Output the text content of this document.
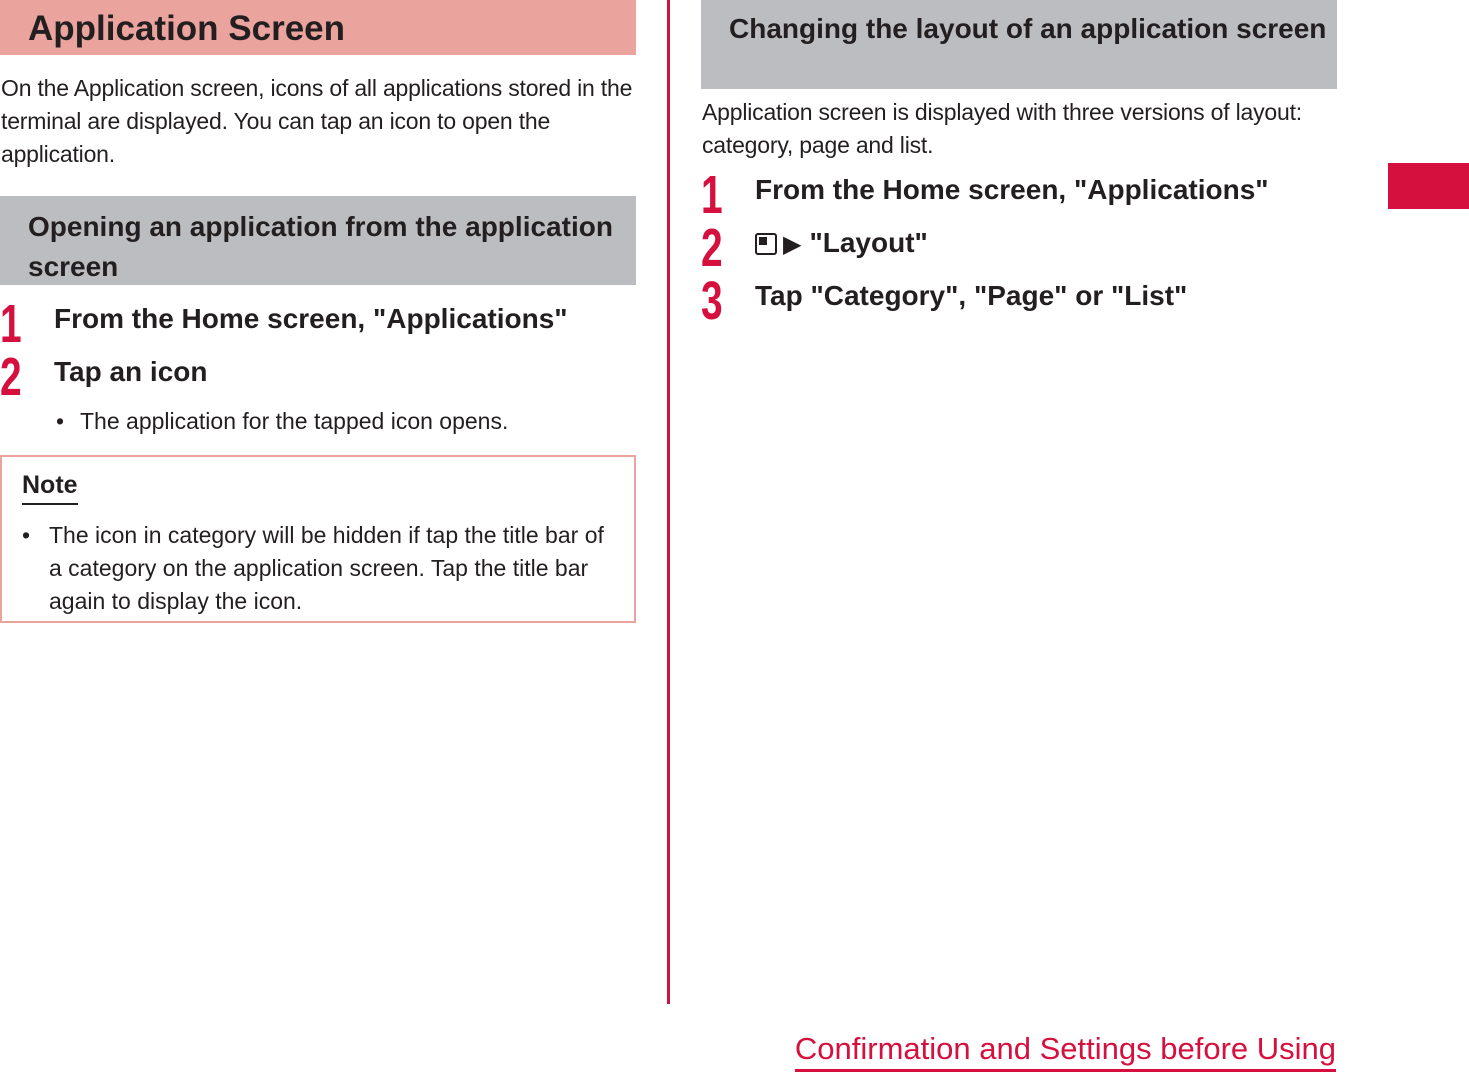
Application Screen
On the Application screen, icons of all applications stored in the terminal are displayed. You can tap an icon to open the application.
Opening an application from the application screen
1	From the Home screen, "Applications"
2	Tap an icon
• The application for the tapped icon opens.
Note
• The icon in category will be hidden if tap the title bar of a category on the application screen. Tap the title bar again to display the icon.
Changing the layout of an application screen
Application screen is displayed with three versions of layout: category, page and list.
1	From the Home screen, "Applications"
2	▶ "Layout"
3	Tap "Category", "Page" or "List"
Confirmation and Settings before Using
